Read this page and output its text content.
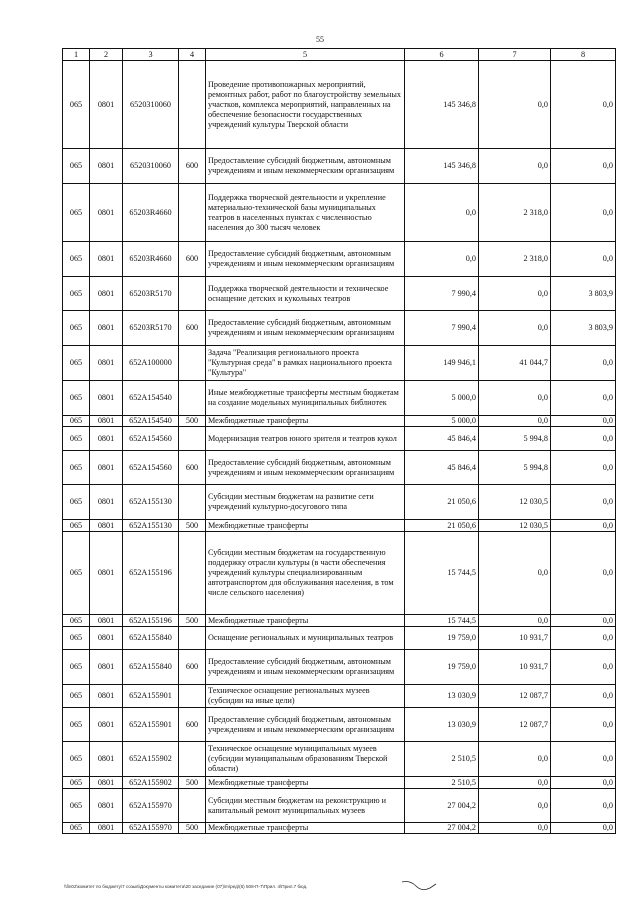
55
1	2	3	4	5	6	7	8
065	0801	6520310060		Проведение противопожарных мероприятий, ремонтных работ, работ по благоустройству земельных участков, комплекса мероприятий, направленных на обеспечение безопасности государственных учреждений культуры Тверской области	145 346,8	0,0	0,0
065	0801	6520310060	600	Предоставление субсидий бюджетным, автономным учреждениям и иным некоммерческим организациям	145 346,8	0,0	0,0
065	0801	65203R4660		Поддержка творческой деятельности и укрепление материально-технической базы муниципальных театров в населенных пунктах с численностью населения до 300 тысяч человек	0,0	2 318,0	0,0
065	0801	65203R4660	600	Предоставление субсидий бюджетным, автономным учреждениям и иным некоммерческим организациям	0,0	2 318,0	0,0
065	0801	65203R5170		Поддержка творческой деятельности и техническое оснащение детских и кукольных театров	7 990,4	0,0	3 803,9
065	0801	65203R5170	600	Предоставление субсидий бюджетным, автономным учреждениям и иным некоммерческим организациям	7 990,4	0,0	3 803,9
065	0801	652A100000		Задача "Реализация регионального проекта "Культурная среда" в рамках национального проекта "Культура"	149 946,1	41 044,7	0,0
065	0801	652A154540		Иные межбюджетные трансферты местным бюджетам на создание модельных муниципальных библиотек	5 000,0	0,0	0,0
065	0801	652A154540	500	Межбюджетные трансферты	5 000,0	0,0	0,0
065	0801	652A154560		Модернизация театров юного зрителя и театров кукол	45 846,4	5 994,8	0,0
065	0801	652A154560	600	Предоставление субсидий бюджетным, автономным учреждениям и иным некоммерческим организациям	45 846,4	5 994,8	0,0
065	0801	652A155130		Субсидии местным бюджетам на развитие сети учреждений культурно-досугового типа	21 050,6	12 030,5	0,0
065	0801	652A155130	500	Межбюджетные трансферты	21 050,6	12 030,5	0,0
065	0801	652A155196		Субсидии местным бюджетам на государственную поддержку отрасли культуры (в части обеспечения учреждений культуры специализированным автотранспортом для обслуживания населения, в том числе сельского населения)	15 744,5	0,0	0,0
065	0801	652A155196	500	Межбюджетные трансферты	15 744,5	0,0	0,0
065	0801	652A155840		Оснащение региональных и муниципальных театров	19 759,0	10 931,7	0,0
065	0801	652A155840	600	Предоставление субсидий бюджетным, автономным учреждениям и иным некоммерческим организациям	19 759,0	10 931,7	0,0
065	0801	652A155901		Техническое оснащение региональных музеев (субсидии на иные цели)	13 030,9	12 087,7	0,0
065	0801	652A155901	600	Предоставление субсидий бюджетным, автономным учреждениям и иным некоммерческим организациям	13 030,9	12 087,7	0,0
065	0801	652A155902		Техническое оснащение муниципальных музеев (субсидии муниципальным образованиям Тверской области)	2 510,5	0,0	0,0
065	0801	652A155902	500	Межбюджетные трансферты	2 510,5	0,0	0,0
065	0801	652A155970		Субсидии местным бюджетам на реконструкцию и капитальный ремонт муниципальных музеев	27 004,2	0,0	0,0
065	0801	652A155970	500	Межбюджетные трансферты	27 004,2	0,0	0,0
\\fin02\комитет по бюджету\7 созыв\Документы комитета\20 заседание (07)\m\ред\(6) 508-П-7\Прил. 4\Прил.7 бюд.
